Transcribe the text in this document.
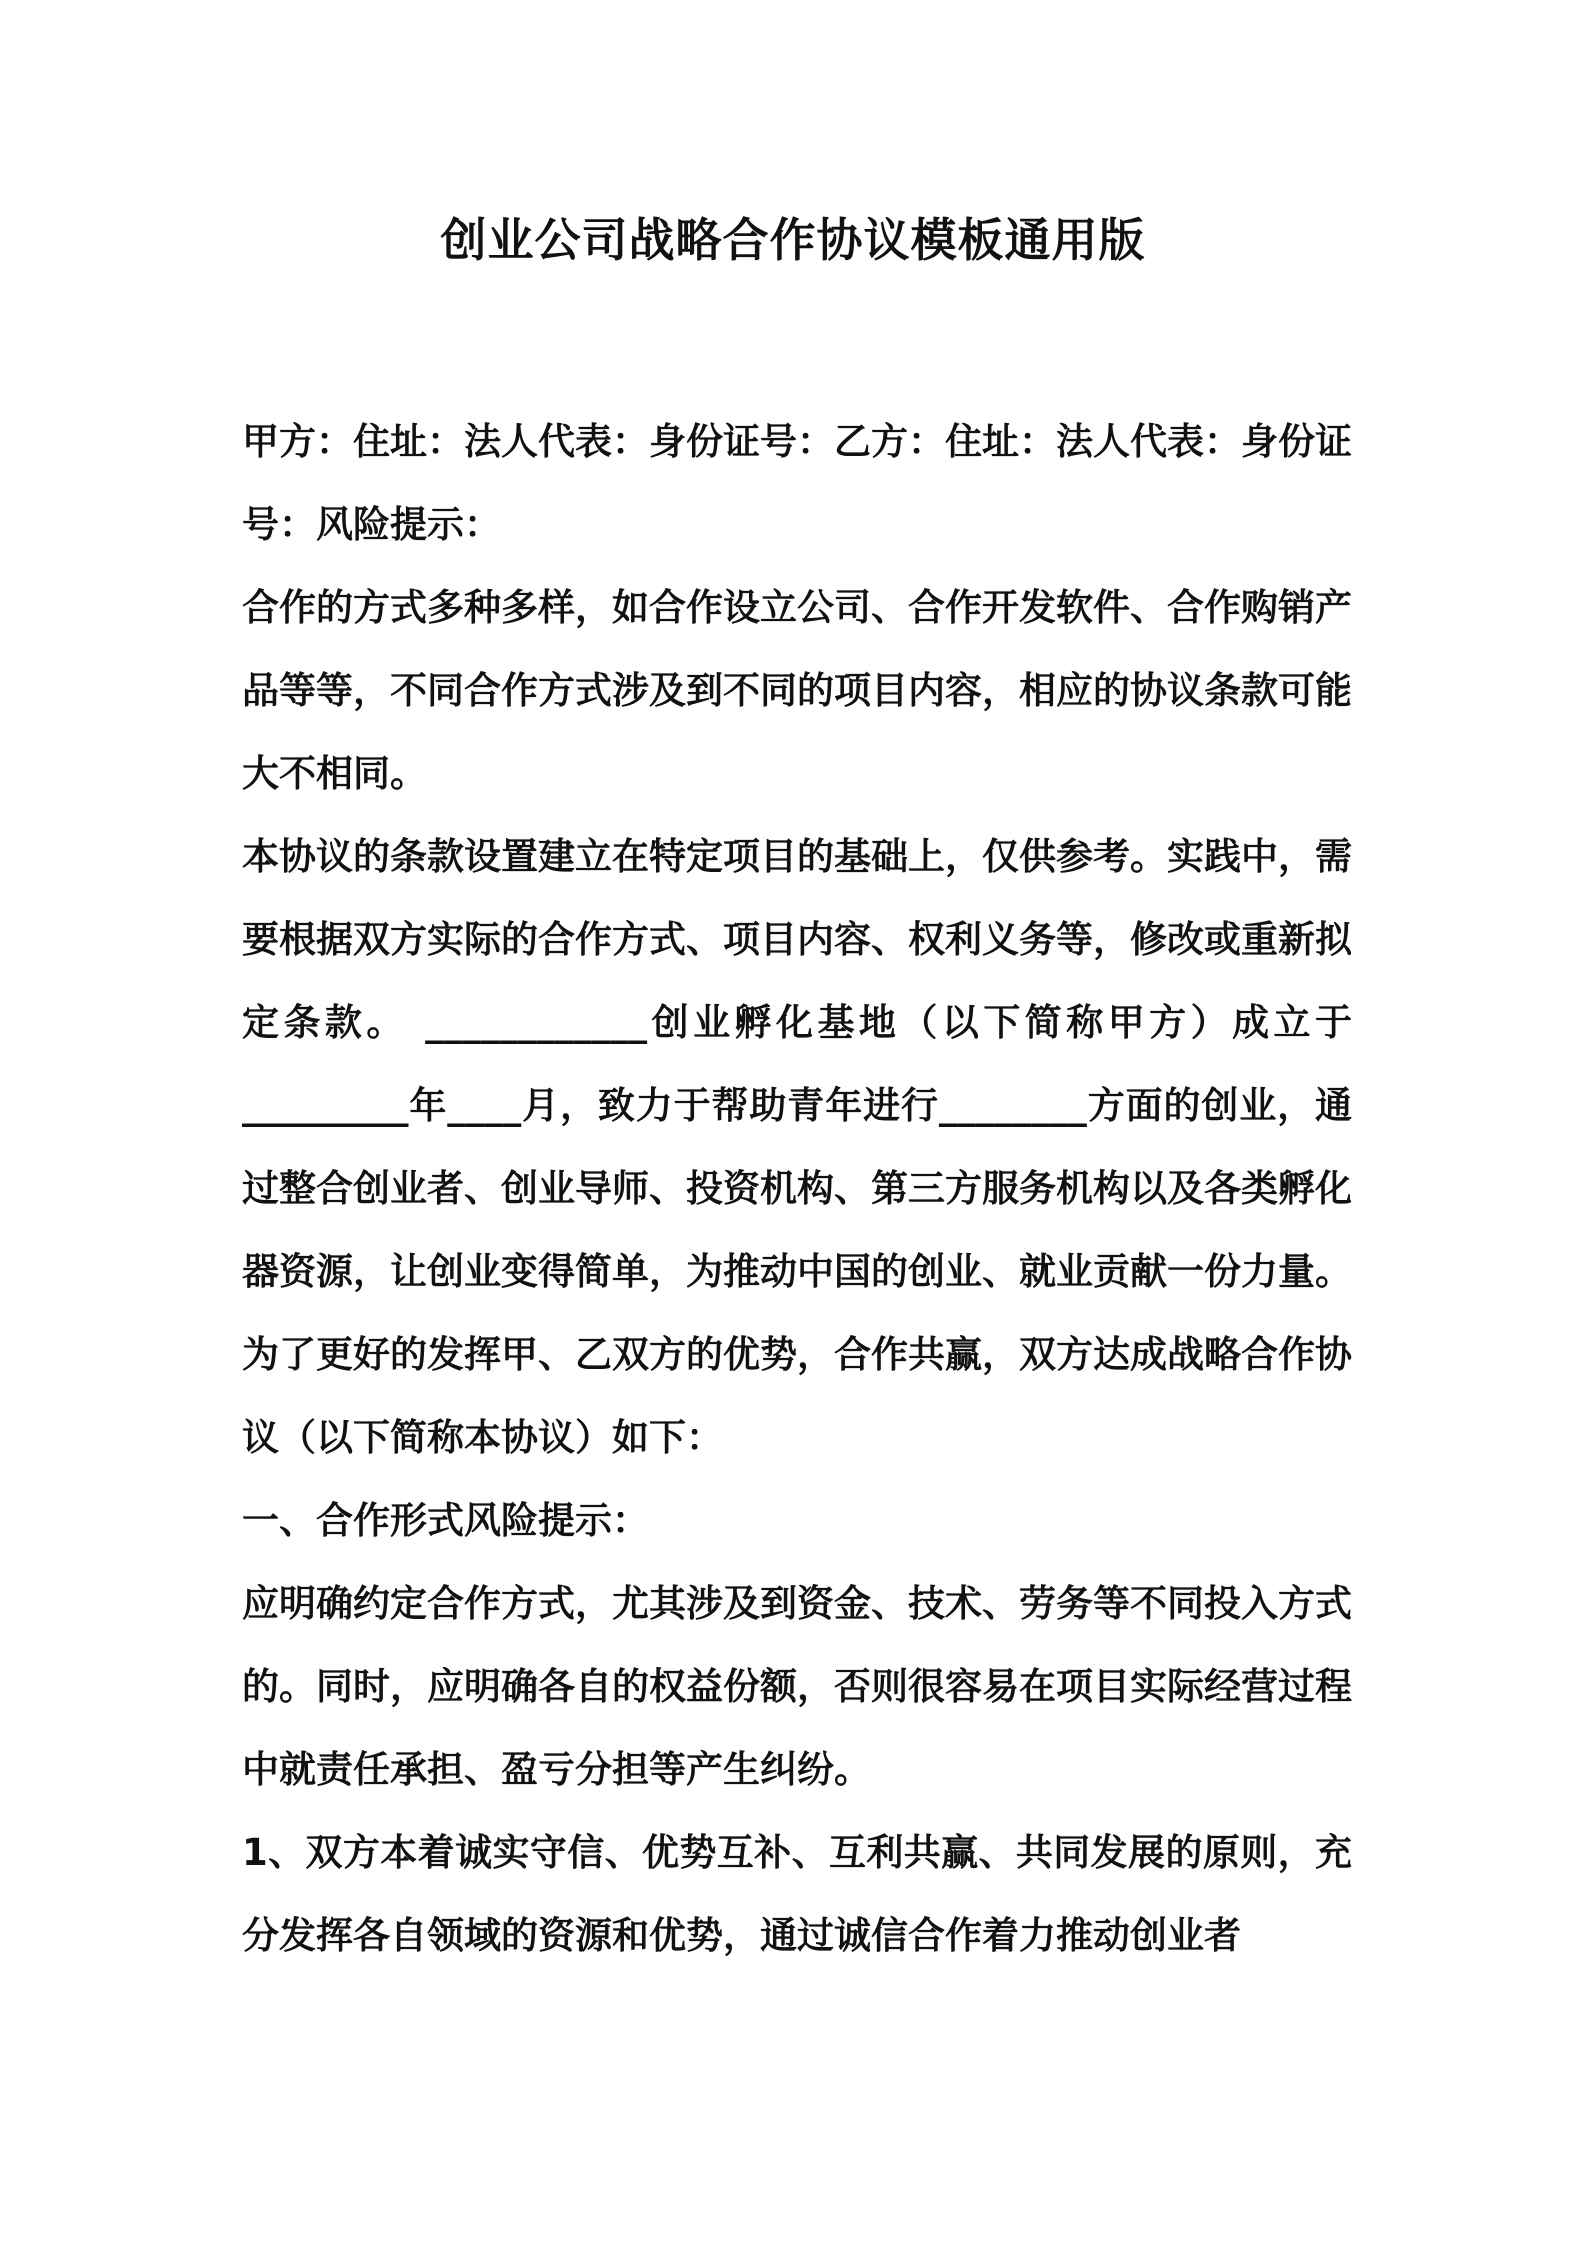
创业公司战略合作协议模板通用版

甲方：住址：法人代表：身份证号：乙方：住址：法人代表：身份证号：风险提示：

合作的方式多种多样，如合作设立公司、合作开发软件、合作购销产品等等，不同合作方式涉及到不同的项目内容，相应的协议条款可能大不相同。

本协议的条款设置建立在特定项目的基础上，仅供参考。实践中，需要根据双方实际的合作方式、项目内容、权利义务等，修改或重新拟定条款。 ____________创业孵化基地（以下简称甲方）成立于_________年____月，致力于帮助青年进行________方面的创业，通过整合创业者、创业导师、投资机构、第三方服务机构以及各类孵化器资源，让创业变得简单，为推动中国的创业、就业贡献一份力量。为了更好的发挥甲、乙双方的优势，合作共赢，双方达成战略合作协议（以下简称本协议）如下：

一、合作形式风险提示：

应明确约定合作方式，尤其涉及到资金、技术、劳务等不同投入方式的。同时，应明确各自的权益份额，否则很容易在项目实际经营过程中就责任承担、盈亏分担等产生纠纷。

1、双方本着诚实守信、优势互补、互利共赢、共同发展的原则，充分发挥各自领域的资源和优势，通过诚信合作着力推动创业者
